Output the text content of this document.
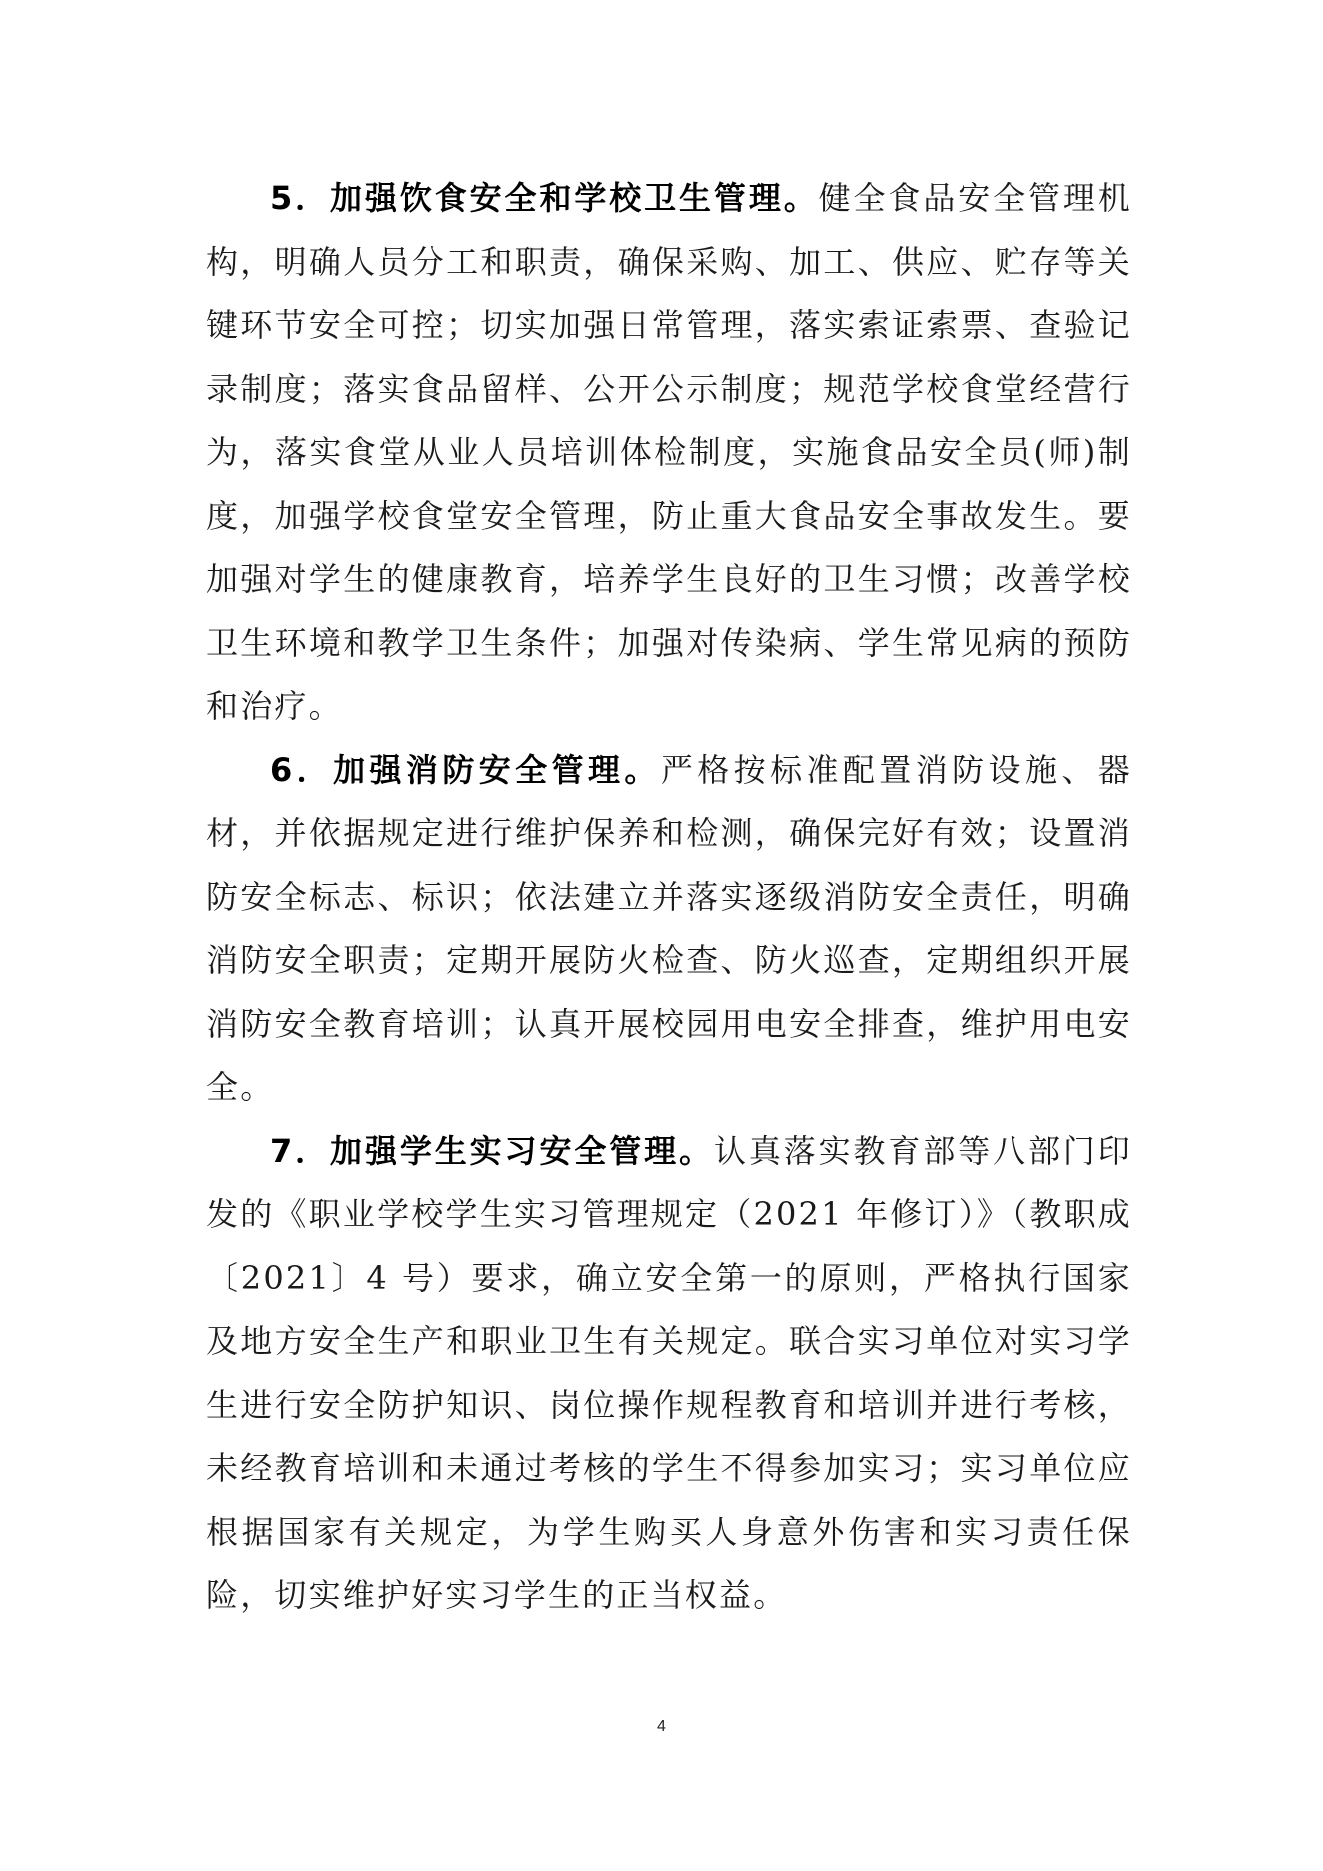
5．加强饮食安全和学校卫生管理。健全食品安全管理机构，明确人员分工和职责，确保采购、加工、供应、贮存等关键环节安全可控；切实加强日常管理，落实索证索票、查验记录制度；落实食品留样、公开公示制度；规范学校食堂经营行为，落实食堂从业人员培训体检制度，实施食品安全员(师)制度，加强学校食堂安全管理，防止重大食品安全事故发生。要加强对学生的健康教育，培养学生良好的卫生习惯；改善学校卫生环境和教学卫生条件；加强对传染病、学生常见病的预防和治疗。

6．加强消防安全管理。严格按标准配置消防设施、器材，并依据规定进行维护保养和检测，确保完好有效；设置消防安全标志、标识；依法建立并落实逐级消防安全责任，明确消防安全职责；定期开展防火检查、防火巡查，定期组织开展消防安全教育培训；认真开展校园用电安全排查，维护用电安全。

7．加强学生实习安全管理。认真落实教育部等八部门印发的《职业学校学生实习管理规定（2021 年修订）》（教职成〔2021〕4 号）要求，确立安全第一的原则，严格执行国家及地方安全生产和职业卫生有关规定。联合实习单位对实习学生进行安全防护知识、岗位操作规程教育和培训并进行考核，未经教育培训和未通过考核的学生不得参加实习；实习单位应根据国家有关规定，为学生购买人身意外伤害和实习责任保险，切实维护好实习学生的正当权益。

4
